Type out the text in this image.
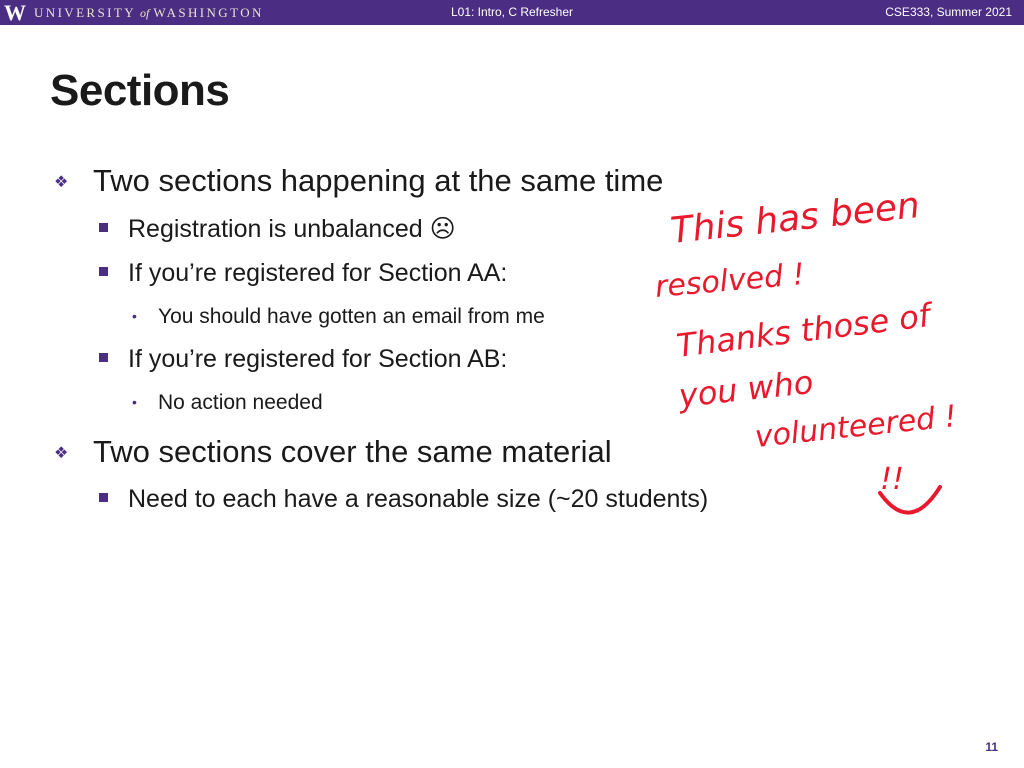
W UNIVERSITY of WASHINGTON	L01: Intro, C Refresher	CSE333, Summer 2021
Sections
❖ Two sections happening at the same time
Registration is unbalanced ☹
If you’re registered for Section AA:
• You should have gotten an email from me
If you’re registered for Section AB:
• No action needed
❖ Two sections cover the same material
Need to each have a reasonable size (~20 students)
This has been
resolved !
Thanks those of
you who
volunteered !
!!
11
